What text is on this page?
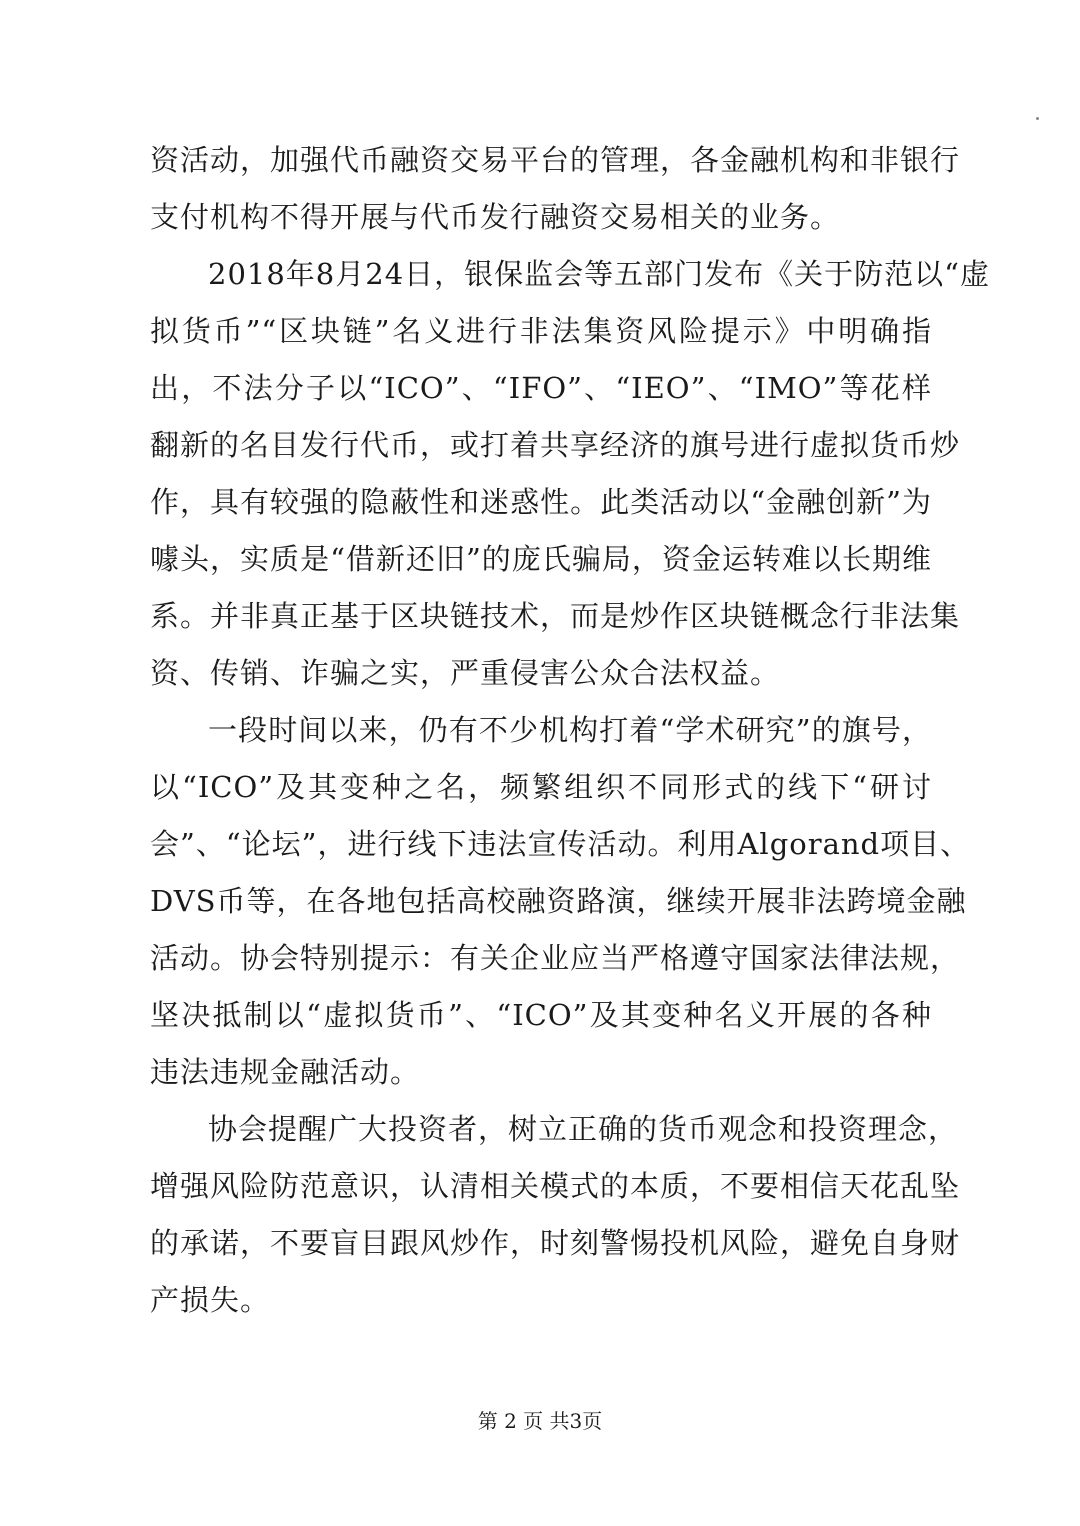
资活动，加强代币融资交易平台的管理，各金融机构和非银行
支付机构不得开展与代币发行融资交易相关的业务。
2018年8月24日，银保监会等五部门发布《关于防范以“虚
拟货币”“区块链”名义进行非法集资风险提示》中明确指
出，不法分子以“ICO”、“IFO”、“IEO”、“IMO”等花样
翻新的名目发行代币，或打着共享经济的旗号进行虚拟货币炒
作，具有较强的隐蔽性和迷惑性。此类活动以“金融创新”为
噱头，实质是“借新还旧”的庞氏骗局，资金运转难以长期维
系。并非真正基于区块链技术，而是炒作区块链概念行非法集
资、传销、诈骗之实，严重侵害公众合法权益。
一段时间以来，仍有不少机构打着“学术研究”的旗号，
以“ICO”及其变种之名，频繁组织不同形式的线下“研讨
会”、“论坛”，进行线下违法宣传活动。利用Algorand项目、
DVS币等，在各地包括高校融资路演，继续开展非法跨境金融
活动。协会特别提示：有关企业应当严格遵守国家法律法规，
坚决抵制以“虚拟货币”、“ICO”及其变种名义开展的各种
违法违规金融活动。
协会提醒广大投资者，树立正确的货币观念和投资理念，
增强风险防范意识，认清相关模式的本质，不要相信天花乱坠
的承诺，不要盲目跟风炒作，时刻警惕投机风险，避免自身财
产损失。
第 2 页 共3页
